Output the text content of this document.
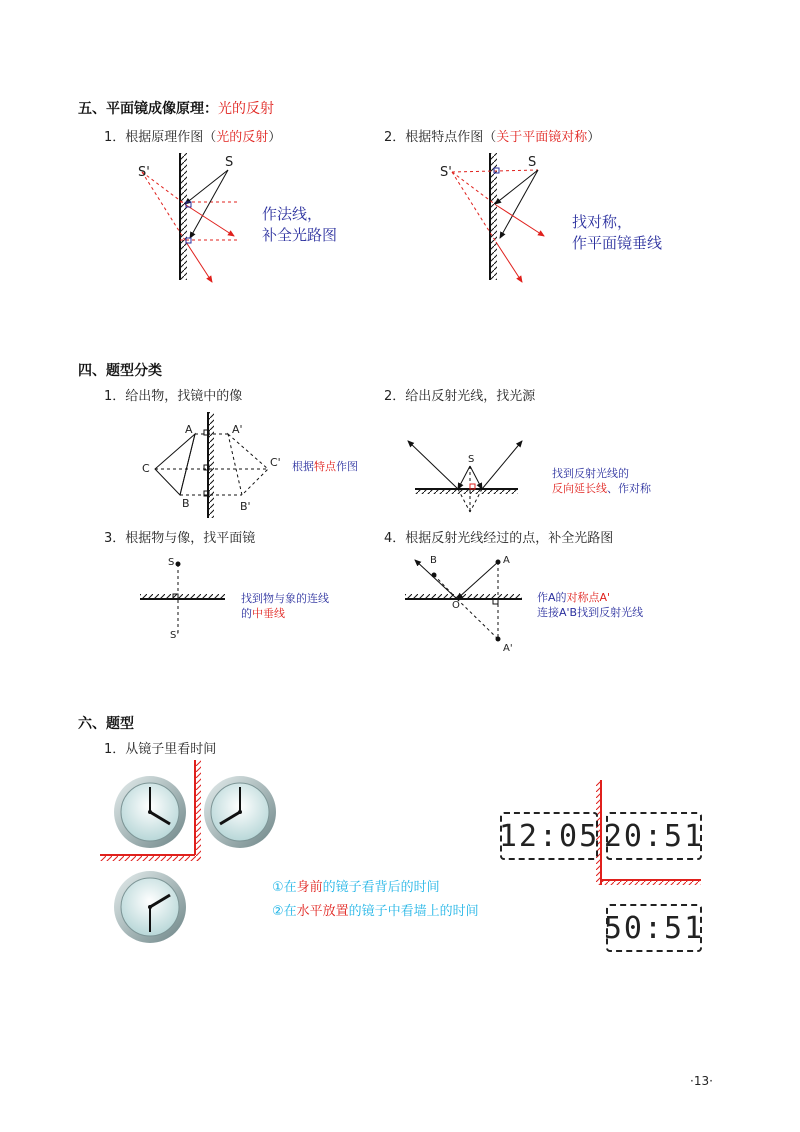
五、平面镜成像原理：光的反射
1．根据原理作图（光的反射）	2．根据特点作图（关于平面镜对称）
S'
S
作法线，
补全光路图
S'
S
找对称，
作平面镜垂线
四、题型分类
1．给出物，找镜中的像	2．给出反射光线，找光源
A	A'
C	C'
B	B'
根据特点作图
S
找到反射光线的
反向延长线、作对称
3．根据物与像，找平面镜	4．根据反射光线经过的点，补全光路图
S
S'
找到物与象的连线
的中垂线
B	A
O
A'
作A的对称点A'
连接A'B找到反射光线
六、题型
1．从镜子里看时间
①在身前的镜子看背后的时间
②在水平放置的镜子中看墙上的时间
12:05 20:51
50:51
·13·
